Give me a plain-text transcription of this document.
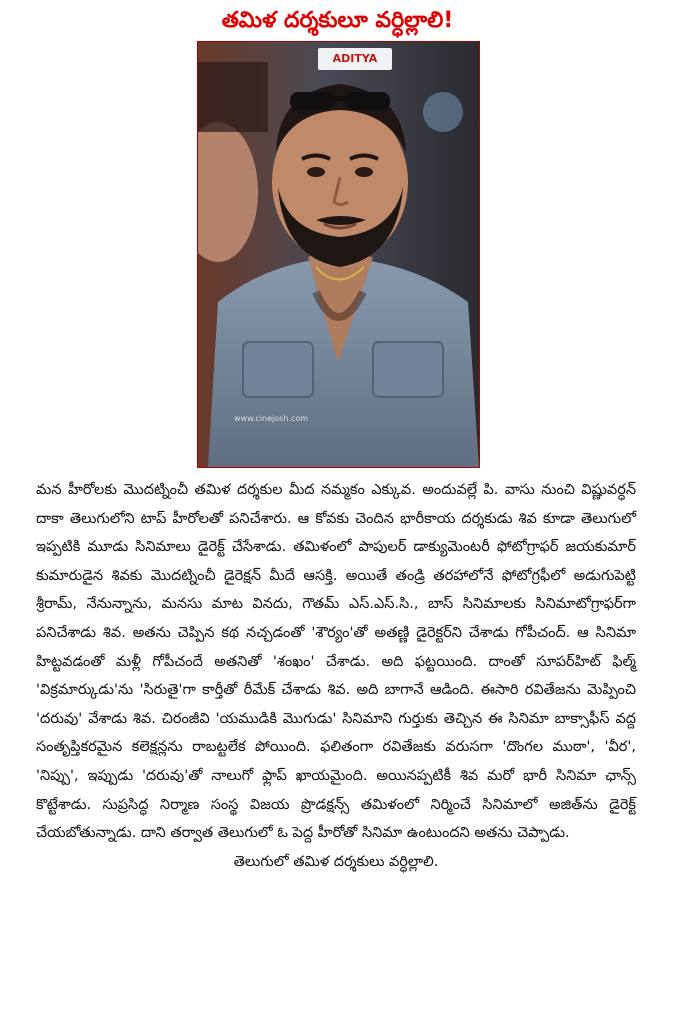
తమిళ దర్శకులూ వర్ధిల్లాలి!
ADITYA
www.cinejosh.com

మన హీరోలకు మొదట్నించీ తమిళ దర్శకుల మీద నమ్మకం ఎక్కువ. అందువల్లే పి. వాసు నుంచి విష్ణువర్ధన్ దాకా తెలుగులోని టాప్ హీరోలతో పనిచేశారు. ఆ కోవకు చెందిన భారీకాయ దర్శకుడు శివ కూడా తెలుగులో ఇప్పటికి మూడు సినిమాలు డైరెక్ట్ చేసేశాడు. తమిళంలో పాపులర్ డాక్యుమెంటరీ ఫోటోగ్రాఫర్ జయకుమార్ కుమారుడైన శివకు మొదట్నించీ డైరెక్షన్ మీదే ఆసక్తి. అయితే తండ్రి తరహాలోనే ఫోటోగ్రఫీలో అడుగుపెట్టి శ్రీరామ్, నేనున్నాను, మనసు మాట వినదు, గౌతమ్ ఎస్.ఎస్.సి., బాస్ సినిమాలకు సినిమాటోగ్రాఫర్‌గా పనిచేశాడు శివ. అతను చెప్పిన కథ నచ్చడంతో 'శౌర్యం'తో అతణ్ణి డైరెక్టర్‌ని చేశాడు గోపీచంద్. ఆ సినిమా హిట్టవడంతో మళ్లీ గోపీచందే అతనితో 'శంఖం' చేశాడు. అది ఫట్టయింది. దాంతో సూపర్‌హిట్ ఫిల్మ్ 'విక్రమార్కుడు'ను 'సిరుతై'గా కార్తీతో రీమేక్ చేశాడు శివ. అది బాగానే ఆడింది. ఈసారి రవితేజను మెప్పించి 'దరువు' వేశాడు శివ. చిరంజీవి 'యముడికి మొగుడు' సినిమాని గుర్తుకు తెచ్చిన ఈ సినిమా బాక్సాఫీస్ వద్ద సంతృప్తికరమైన కలెక్షన్లను రాబట్టలేక పోయింది. ఫలితంగా రవితేజకు వరుసగా 'దొంగల ముఠా', 'వీర', 'నిప్పు', ఇప్పుడు 'దరువు'తో నాలుగో ఫ్లాప్ ఖాయమైంది. అయినప్పటికీ శివ మరో భారీ సినిమా ఛాన్స్ కొట్టేశాడు. సుప్రసిద్ధ నిర్మాణ సంస్థ విజయ ప్రొడక్షన్స్ తమిళంలో నిర్మించే సినిమాలో అజిత్‌ను డైరెక్ట్ చేయబోతున్నాడు. దాని తర్వాత తెలుగులో ఓ పెద్ద హీరోతో సినిమా ఉంటుందని అతను చెప్పాడు.

తెలుగులో తమిళ దర్శకులు వర్ధిల్లాలి.
